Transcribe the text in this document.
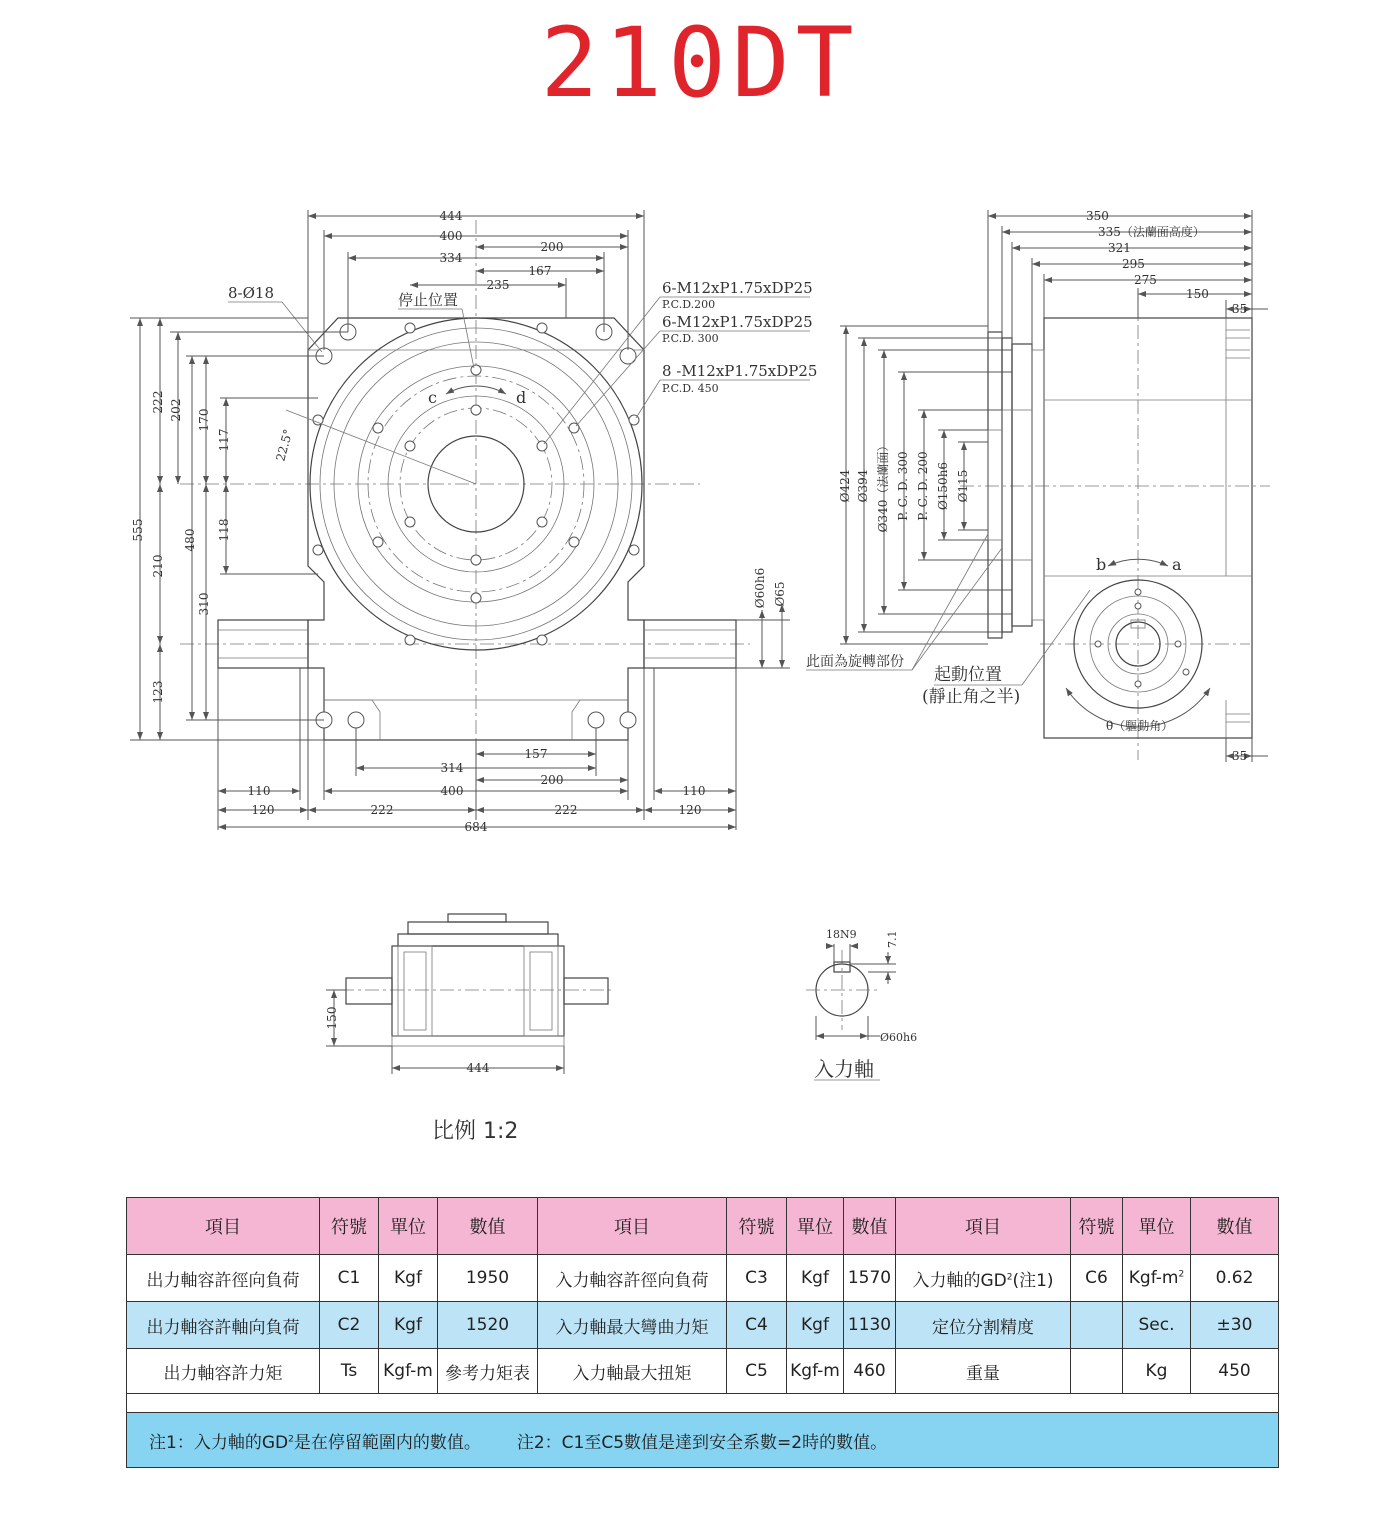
210DT
c	d
22.5°
444
400
200
334
167
235
8-Ø18	停止位置
6-M12xP1.75xDP25
P.C.D.200
6-M12xP1.75xDP25
P.C.D. 300
8 -M12xP1.75xDP25
P.C.D. 450
222 202 170
117
555	480 118
210
310
123
Ø60h6 Ø65
157
314
200
400
110
120	222	222
110
120
684
b	a
θ（驅動角）
350
335（法蘭面高度）
321
295
275
150
35
35
Ø424 Ø394 Ø340（法蘭面） P. C. D. 300 P. C. D. 200 Ø150h6 Ø115
此面為旋轉部份
起動位置
(靜止角之半)
150
444
18N9	7.1
Ø60h6
入力軸
比例 1:2
項目	符號	單位	數值	項目	符號	單位	數值	項目	符號	單位	數值
出力軸容許徑向負荷	C1	Kgf	1950	入力軸容許徑向負荷	C3	Kgf	1570	入力軸的$GD^2$(注1)	C6	Kgf-$m^2$	0.62
出力軸容許軸向負荷	C2	Kgf	1520	入力軸最大彎曲力矩	C4	Kgf	1130	定位分割精度		Sec.	±30
出力軸容許力矩	Ts	Kgf-m	參考力矩表	入力軸最大扭矩	C5	Kgf-m	460	重量		Kg	450

注1：入力軸的$GD^2$是在停留範圍内的數值。 注2：C1至C5數值是達到安全系數=2時的數值。											
